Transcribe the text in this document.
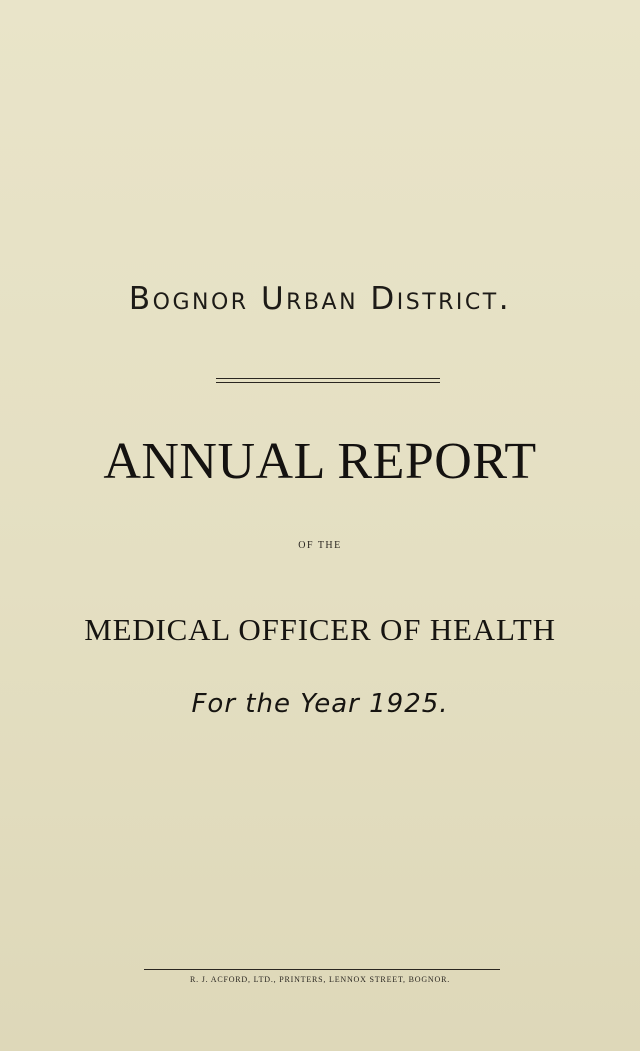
Bognor Urban District.
ANNUAL REPORT
OF THE
MEDICAL OFFICER OF HEALTH
For the Year 1925.
R. J. ACFORD, LTD., PRINTERS, LENNOX STREET, BOGNOR.
